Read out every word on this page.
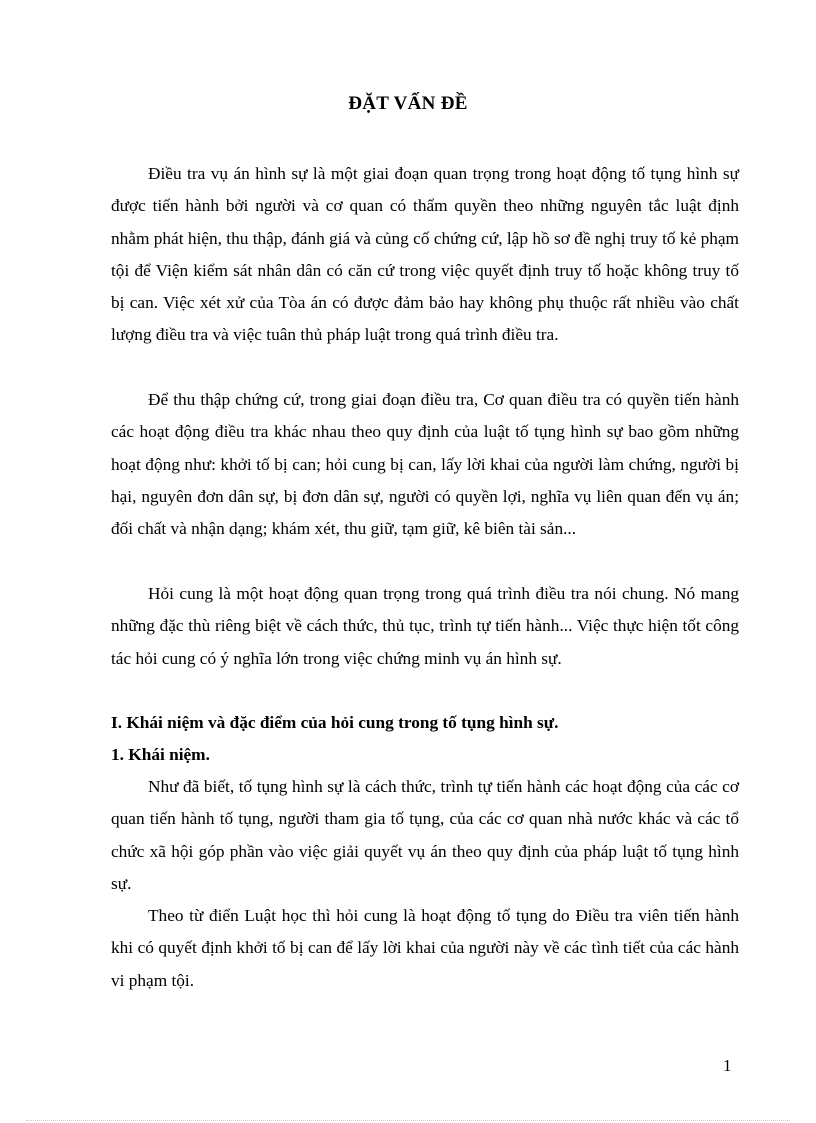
ĐẶT VẤN ĐỀ

Điều tra vụ án hình sự là một giai đoạn quan trọng trong hoạt động tố tụng hình sự được tiến hành bởi người và cơ quan có thẩm quyền theo những nguyên tắc luật định nhằm phát hiện, thu thập, đánh giá và củng cố chứng cứ, lập hồ sơ đề nghị truy tố kẻ phạm tội để Viện kiểm sát nhân dân có căn cứ trong việc quyết định truy tố hoặc không truy tố bị can. Việc xét xử của Tòa án có được đảm bảo hay không phụ thuộc rất nhiều vào chất lượng điều tra và việc tuân thủ pháp luật trong quá trình điều tra.

Để thu thập chứng cứ, trong giai đoạn điều tra, Cơ quan điều tra có quyền tiến hành các hoạt động điều tra khác nhau theo quy định của luật tố tụng hình sự bao gồm những hoạt động như: khởi tố bị can; hỏi cung bị can, lấy lời khai của người làm chứng, người bị hại, nguyên đơn dân sự, bị đơn dân sự, người có quyền lợi, nghĩa vụ liên quan đến vụ án; đối chất và nhận dạng; khám xét, thu giữ, tạm giữ, kê biên tài sản...

Hỏi cung là một hoạt động quan trọng trong quá trình điều tra nói chung. Nó mang những đặc thù riêng biệt về cách thức, thủ tục, trình tự tiến hành... Việc thực hiện tốt công tác hỏi cung có ý nghĩa lớn trong việc chứng minh vụ án hình sự.

I. Khái niệm và đặc điểm của hỏi cung trong tố tụng hình sự.
1. Khái niệm.

Như đã biết, tố tụng hình sự là cách thức, trình tự tiến hành các hoạt động của các cơ quan tiến hành tố tụng, người tham gia tố tụng, của các cơ quan nhà nước khác và các tổ chức xã hội góp phần vào việc giải quyết vụ án theo quy định của pháp luật tố tụng hình sự.

Theo từ điển Luật học thì hỏi cung là hoạt động tố tụng do Điều tra viên tiến hành khi có quyết định khởi tố bị can để lấy lời khai của người này về các tình tiết của các hành vi phạm tội.

1
